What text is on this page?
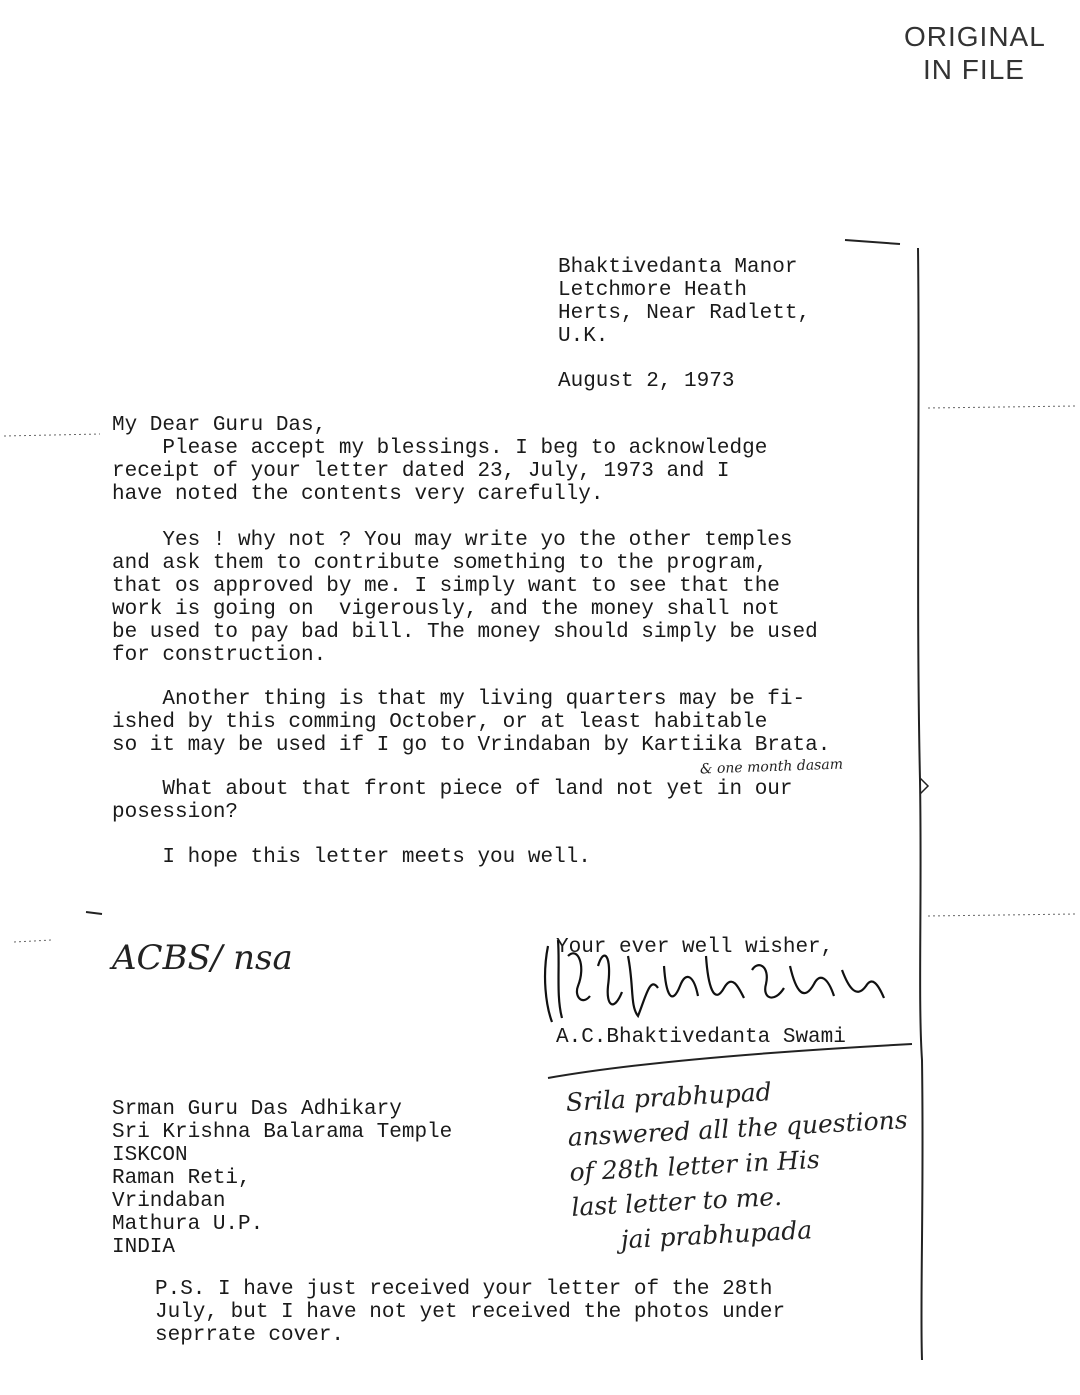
ORIGINAL
IN FILE
Bhaktivedanta Manor
Letchmore Heath
Herts, Near Radlett,
U.K.
August 2, 1973
My Dear Guru Das,
Please accept my blessings. I beg to acknowledge
receipt of your letter dated 23, July, 1973 and I
have noted the contents very carefully.
Yes ! why not ? You may write yo the other temples
and ask them to contribute something to the program,
that os approved by me. I simply want to see that the
work is going on  vigerously, and the money shall not
be used to pay bad bill. The money should simply be used
for construction.
Another thing is that my living quarters may be fi-
ished by this comming October, or at least habitable
so it may be used if I go to Vrindaban by Kartiika Brata.
& one month dasam
What about that front piece of land not yet in our
posession?
I hope this letter meets you well.
ACBS/ nsa	Your ever well wisher,
A.C.Bhaktivedanta Swami
Srman Guru Das Adhikary
Sri Krishna Balarama Temple
ISKCON
Raman Reti,
Vrindaban
Mathura U.P.
INDIA
Srila prabhupad
answered all the questions
of 28th letter in His
last letter to me.
jai prabhupada
P.S. I have just received your letter of the 28th
July, but I have not yet received the photos under
seprrate cover.
